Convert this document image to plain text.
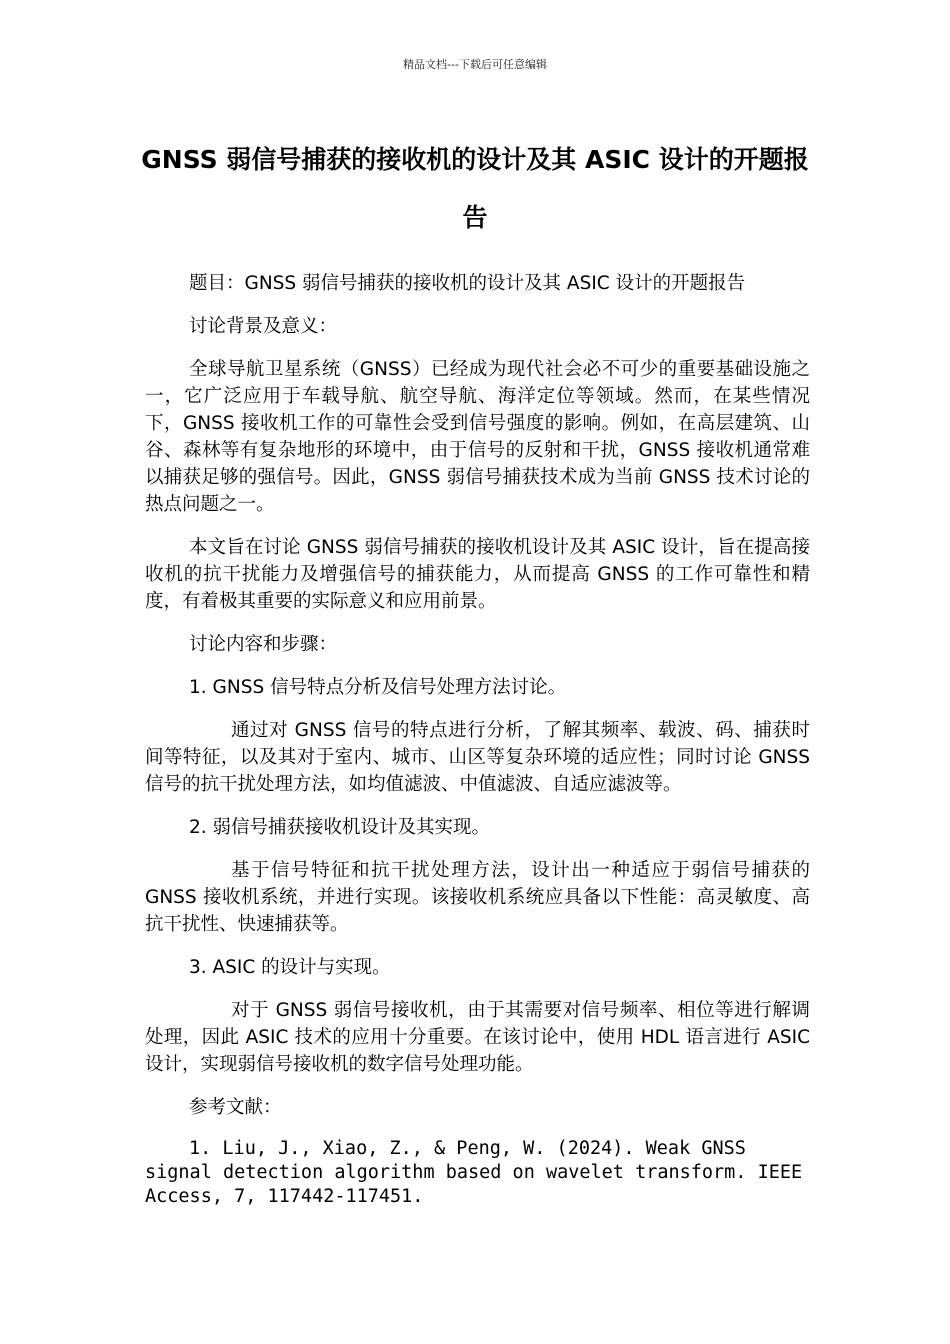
精品文档---下载后可任意编辑
GNSS 弱信号捕获的接收机的设计及其 ASIC 设计的开题报告

题目：GNSS 弱信号捕获的接收机的设计及其 ASIC 设计的开题报告

讨论背景及意义：

全球导航卫星系统（GNSS）已经成为现代社会必不可少的重要基础设施之一，它广泛应用于车载导航、航空导航、海洋定位等领域。然而，在某些情况下，GNSS 接收机工作的可靠性会受到信号强度的影响。例如，在高层建筑、山谷、森林等有复杂地形的环境中，由于信号的反射和干扰，GNSS 接收机通常难以捕获足够的强信号。因此，GNSS 弱信号捕获技术成为当前 GNSS 技术讨论的热点问题之一。

本文旨在讨论 GNSS 弱信号捕获的接收机设计及其 ASIC 设计，旨在提高接收机的抗干扰能力及增强信号的捕获能力，从而提高 GNSS 的工作可靠性和精度，有着极其重要的实际意义和应用前景。

讨论内容和步骤：

1. GNSS 信号特点分析及信号处理方法讨论。

通过对 GNSS 信号的特点进行分析，了解其频率、载波、码、捕获时间等特征，以及其对于室内、城市、山区等复杂环境的适应性；同时讨论 GNSS 信号的抗干扰处理方法，如均值滤波、中值滤波、自适应滤波等。

2. 弱信号捕获接收机设计及其实现。

基于信号特征和抗干扰处理方法，设计出一种适应于弱信号捕获的 GNSS 接收机系统，并进行实现。该接收机系统应具备以下性能：高灵敏度、高抗干扰性、快速捕获等。

3. ASIC 的设计与实现。

对于 GNSS 弱信号接收机，由于其需要对信号频率、相位等进行解调处理，因此 ASIC 技术的应用十分重要。在该讨论中，使用 HDL 语言进行 ASIC 设计，实现弱信号接收机的数字信号处理功能。

参考文献：

1. Liu, J., Xiao, Z., & Peng, W. (2024). Weak GNSS signal detection algorithm based on wavelet transform. IEEE Access, 7, 117442-117451.
